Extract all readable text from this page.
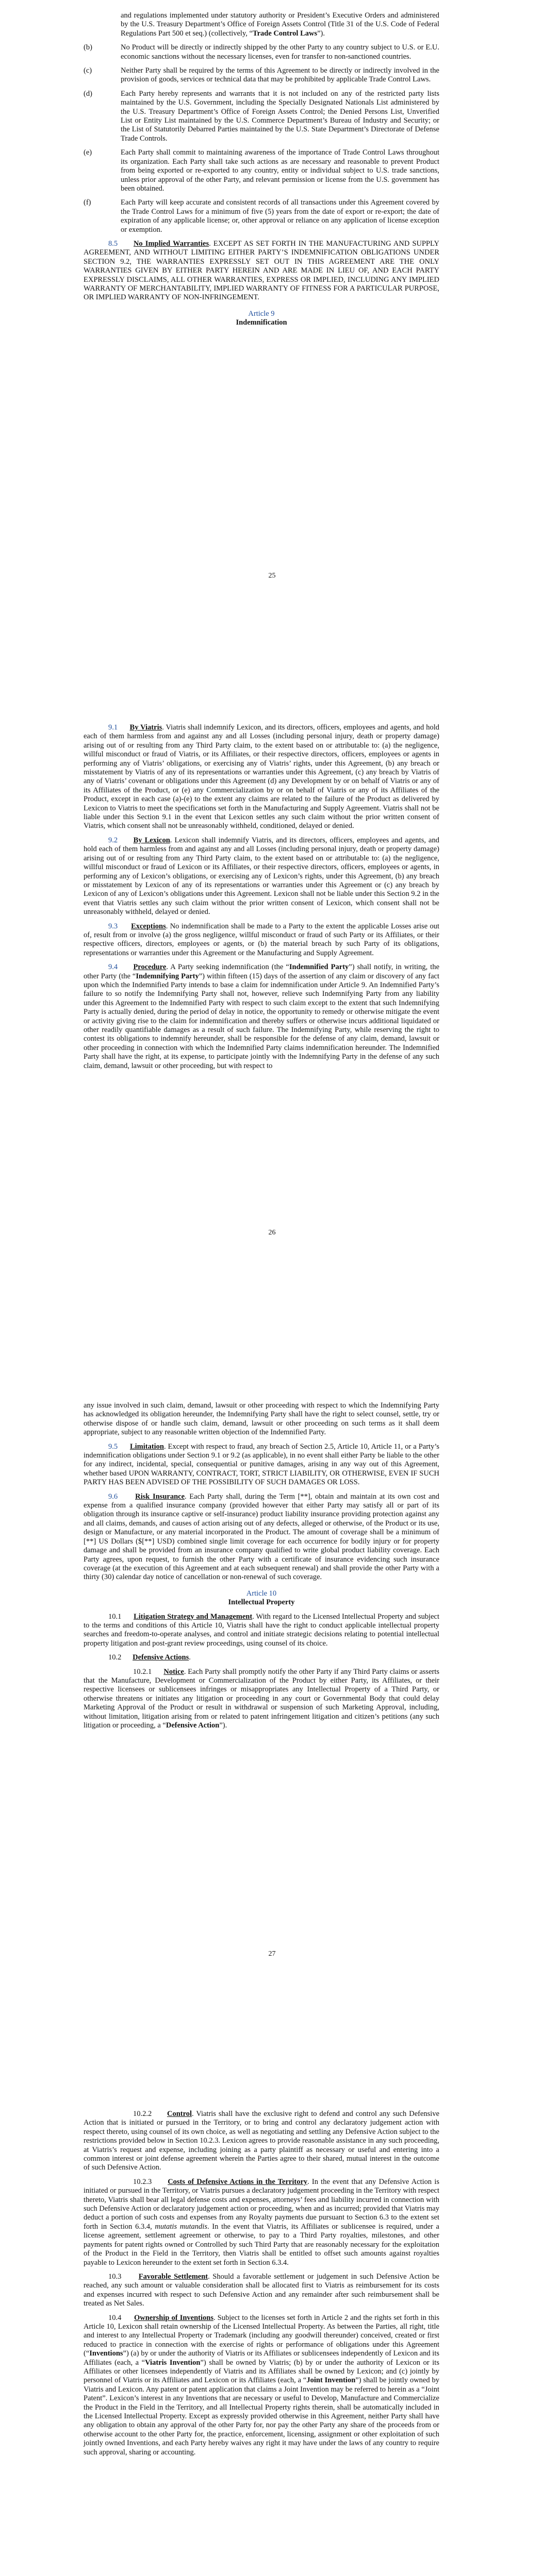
and regulations implemented under statutory authority or President’s Executive Orders and administered by the U.S. Treasury Department’s Office of Foreign Assets Control (Title 31 of the U.S. Code of Federal Regulations Part 500 et seq.) (collectively, “Trade Control Laws”).

(b)	No Product will be directly or indirectly shipped by the other Party to any country subject to U.S. or E.U. economic sanctions without the necessary licenses, even for transfer to non-sanctioned countries.
(c)	Neither Party shall be required by the terms of this Agreement to be directly or indirectly involved in the provision of goods, services or technical data that may be prohibited by applicable Trade Control Laws.
(d)	Each Party hereby represents and warrants that it is not included on any of the restricted party lists maintained by the U.S. Government, including the Specially Designated Nationals List administered by the U.S. Treasury Department’s Office of Foreign Assets Control; the Denied Persons List, Unverified List or Entity List maintained by the U.S. Commerce Department’s Bureau of Industry and Security; or the List of Statutorily Debarred Parties maintained by the U.S. State Department’s Directorate of Defense Trade Controls.
(e)	Each Party shall commit to maintaining awareness of the importance of Trade Control Laws throughout its organization. Each Party shall take such actions as are necessary and reasonable to prevent Product from being exported or re-exported to any country, entity or individual subject to U.S. trade sanctions, unless prior approval of the other Party, and relevant permission or license from the U.S. government has been obtained.
(f)	Each Party will keep accurate and consistent records of all transactions under this Agreement covered by the Trade Control Laws for a minimum of five (5) years from the date of export or re-export; the date of expiration of any applicable license; or, other approval or reliance on any application of license exception or exemption.

8.5 No Implied Warranties. EXCEPT AS SET FORTH IN THE MANUFACTURING AND SUPPLY AGREEMENT, AND WITHOUT LIMITING EITHER PARTY’S INDEMNIFICATION OBLIGATIONS UNDER SECTION 9.2, THE WARRANTIES EXPRESSLY SET OUT IN THIS AGREEMENT ARE THE ONLY WARRANTIES GIVEN BY EITHER PARTY HEREIN AND ARE MADE IN LIEU OF, AND EACH PARTY EXPRESSLY DISCLAIMS, ALL OTHER WARRANTIES, EXPRESS OR IMPLIED, INCLUDING ANY IMPLIED WARRANTY OF MERCHANTABILITY, IMPLIED WARRANTY OF FITNESS FOR A PARTICULAR PURPOSE, OR IMPLIED WARRANTY OF NON-INFRINGEMENT.

Article 9
Indemnification
25

9.1 By Viatris. Viatris shall indemnify Lexicon, and its directors, officers, employees and agents, and hold each of them harmless from and against any and all Losses (including personal injury, death or property damage) arising out of or resulting from any Third Party claim, to the extent based on or attributable to: (a) the negligence, willful misconduct or fraud of Viatris, or its Affiliates, or their respective directors, officers, employees or agents in performing any of Viatris’ obligations, or exercising any of Viatris’ rights, under this Agreement, (b) any breach or misstatement by Viatris of any of its representations or warranties under this Agreement, (c) any breach by Viatris of any of Viatris’ covenant or obligations under this Agreement (d) any Development by or on behalf of Viatris or any of its Affiliates of the Product, or (e) any Commercialization by or on behalf of Viatris or any of its Affiliates of the Product, except in each case (a)-(e) to the extent any claims are related to the failure of the Product as delivered by Lexicon to Viatris to meet the specifications set forth in the Manufacturing and Supply Agreement. Viatris shall not be liable under this Section 9.1 in the event that Lexicon settles any such claim without the prior written consent of Viatris, which consent shall not be unreasonably withheld, conditioned, delayed or denied.

9.2 By Lexicon. Lexicon shall indemnify Viatris, and its directors, officers, employees and agents, and hold each of them harmless from and against any and all Losses (including personal injury, death or property damage) arising out of or resulting from any Third Party claim, to the extent based on or attributable to: (a) the negligence, willful misconduct or fraud of Lexicon or its Affiliates, or their respective directors, officers, employees or agents, in performing any of Lexicon’s obligations, or exercising any of Lexicon’s rights, under this Agreement, (b) any breach or misstatement by Lexicon of any of its representations or warranties under this Agreement or (c) any breach by Lexicon of any of Lexicon’s obligations under this Agreement. Lexicon shall not be liable under this Section 9.2 in the event that Viatris settles any such claim without the prior written consent of Lexicon, which consent shall not be unreasonably withheld, delayed or denied.

9.3 Exceptions. No indemnification shall be made to a Party to the extent the applicable Losses arise out of, result from or involve (a) the gross negligence, willful misconduct or fraud of such Party or its Affiliates, or their respective officers, directors, employees or agents, or (b) the material breach by such Party of its obligations, representations or warranties under this Agreement or the Manufacturing and Supply Agreement.

9.4 Procedure. A Party seeking indemnification (the “Indemnified Party”) shall notify, in writing, the other Party (the “Indemnifying Party”) within fifteen (15) days of the assertion of any claim or discovery of any fact upon which the Indemnified Party intends to base a claim for indemnification under Article 9. An Indemnified Party’s failure to so notify the Indemnifying Party shall not, however, relieve such Indemnifying Party from any liability under this Agreement to the Indemnified Party with respect to such claim except to the extent that such Indemnifying Party is actually denied, during the period of delay in notice, the opportunity to remedy or otherwise mitigate the event or activity giving rise to the claim for indemnification and thereby suffers or otherwise incurs additional liquidated or other readily quantifiable damages as a result of such failure. The Indemnifying Party, while reserving the right to contest its obligations to indemnify hereunder, shall be responsible for the defense of any claim, demand, lawsuit or other proceeding in connection with which the Indemnified Party claims indemnification hereunder. The Indemnified Party shall have the right, at its expense, to participate jointly with the Indemnifying Party in the defense of any such claim, demand, lawsuit or other proceeding, but with respect to

26

any issue involved in such claim, demand, lawsuit or other proceeding with respect to which the Indemnifying Party has acknowledged its obligation hereunder, the Indemnifying Party shall have the right to select counsel, settle, try or otherwise dispose of or handle such claim, demand, lawsuit or other proceeding on such terms as it shall deem appropriate, subject to any reasonable written objection of the Indemnified Party.

9.5 Limitation. Except with respect to fraud, any breach of Section 2.5, Article 10, Article 11, or a Party’s indemnification obligations under Section 9.1 or 9.2 (as applicable), in no event shall either Party be liable to the other for any indirect, incidental, special, consequential or punitive damages, arising in any way out of this Agreement, whether based UPON WARRANTY, CONTRACT, TORT, STRICT LIABILITY, OR OTHERWISE, EVEN IF SUCH PARTY HAS BEEN ADVISED OF THE POSSIBILITY OF SUCH DAMAGES OR LOSS.

9.6 Risk Insurance. Each Party shall, during the Term [**], obtain and maintain at its own cost and expense from a qualified insurance company (provided however that either Party may satisfy all or part of its obligation through its insurance captive or self-insurance) product liability insurance providing protection against any and all claims, demands, and causes of action arising out of any defects, alleged or otherwise, of the Product or its use, design or Manufacture, or any material incorporated in the Product. The amount of coverage shall be a minimum of [**] US Dollars ($[**] USD) combined single limit coverage for each occurrence for bodily injury or for property damage and shall be provided from an insurance company qualified to write global product liability coverage. Each Party agrees, upon request, to furnish the other Party with a certificate of insurance evidencing such insurance coverage (at the execution of this Agreement and at each subsequent renewal) and shall provide the other Party with a thirty (30) calendar day notice of cancellation or non-renewal of such coverage.

Article 10
Intellectual Property

10.1 Litigation Strategy and Management. With regard to the Licensed Intellectual Property and subject to the terms and conditions of this Article 10, Viatris shall have the right to conduct applicable intellectual property searches and freedom-to-operate analyses, and control and initiate strategic decisions relating to potential intellectual property litigation and post-grant review proceedings, using counsel of its choice.

10.2 Defensive Actions.

10.2.1 Notice. Each Party shall promptly notify the other Party if any Third Party claims or asserts that the Manufacture, Development or Commercialization of the Product by either Party, its Affiliates, or their respective licensees or sublicensees infringes or misappropriates any Intellectual Property of a Third Party, or otherwise threatens or initiates any litigation or proceeding in any court or Governmental Body that could delay Marketing Approval of the Product or result in withdrawal or suspension of such Marketing Approval, including, without limitation, litigation arising from or related to patent infringement litigation and citizen’s petitions (any such litigation or proceeding, a “Defensive Action”).

27

10.2.2 Control. Viatris shall have the exclusive right to defend and control any such Defensive Action that is initiated or pursued in the Territory, or to bring and control any declaratory judgement action with respect thereto, using counsel of its own choice, as well as negotiating and settling any Defensive Action subject to the restrictions provided below in Section 10.2.3. Lexicon agrees to provide reasonable assistance in any such proceeding, at Viatris’s request and expense, including joining as a party plaintiff as necessary or useful and entering into a common interest or joint defense agreement wherein the Parties agree to their shared, mutual interest in the outcome of such Defensive Action.

10.2.3 Costs of Defensive Actions in the Territory. In the event that any Defensive Action is initiated or pursued in the Territory, or Viatris pursues a declaratory judgement proceeding in the Territory with respect thereto, Viatris shall bear all legal defense costs and expenses, attorneys’ fees and liability incurred in connection with such Defensive Action or declaratory judgement action or proceeding, when and as incurred; provided that Viatris may deduct a portion of such costs and expenses from any Royalty payments due pursuant to Section 6.3 to the extent set forth in Section 6.3.4, mutatis mutandis. In the event that Viatris, its Affiliates or sublicensee is required, under a license agreement, settlement agreement or otherwise, to pay to a Third Party royalties, milestones, and other payments for patent rights owned or Controlled by such Third Party that are reasonably necessary for the exploitation of the Product in the Field in the Territory, then Viatris shall be entitled to offset such amounts against royalties payable to Lexicon hereunder to the extent set forth in Section 6.3.4.

10.3 Favorable Settlement. Should a favorable settlement or judgement in such Defensive Action be reached, any such amount or valuable consideration shall be allocated first to Viatris as reimbursement for its costs and expenses incurred with respect to such Defensive Action and any remainder after such reimbursement shall be treated as Net Sales.

10.4 Ownership of Inventions. Subject to the licenses set forth in Article 2 and the rights set forth in this Article 10, Lexicon shall retain ownership of the Licensed Intellectual Property. As between the Parties, all right, title and interest to any Intellectual Property or Trademark (including any goodwill thereunder) conceived, created or first reduced to practice in connection with the exercise of rights or performance of obligations under this Agreement (“Inventions”) (a) by or under the authority of Viatris or its Affiliates or sublicensees independently of Lexicon and its Affiliates (each, a “Viatris Invention”) shall be owned by Viatris; (b) by or under the authority of Lexicon or its Affiliates or other licensees independently of Viatris and its Affiliates shall be owned by Lexicon; and (c) jointly by personnel of Viatris or its Affiliates and Lexicon or its Affiliates (each, a “Joint Invention”) shall be jointly owned by Viatris and Lexicon. Any patent or patent application that claims a Joint Invention may be referred to herein as a “Joint Patent”. Lexicon’s interest in any Inventions that are necessary or useful to Develop, Manufacture and Commercialize the Product in the Field in the Territory, and all Intellectual Property rights therein, shall be automatically included in the Licensed Intellectual Property. Except as expressly provided otherwise in this Agreement, neither Party shall have any obligation to obtain any approval of the other Party for, nor pay the other Party any share of the proceeds from or otherwise account to the other Party for, the practice, enforcement, licensing, assignment or other exploitation of such jointly owned Inventions, and each Party hereby waives any right it may have under the laws of any country to require such approval, sharing or accounting.
